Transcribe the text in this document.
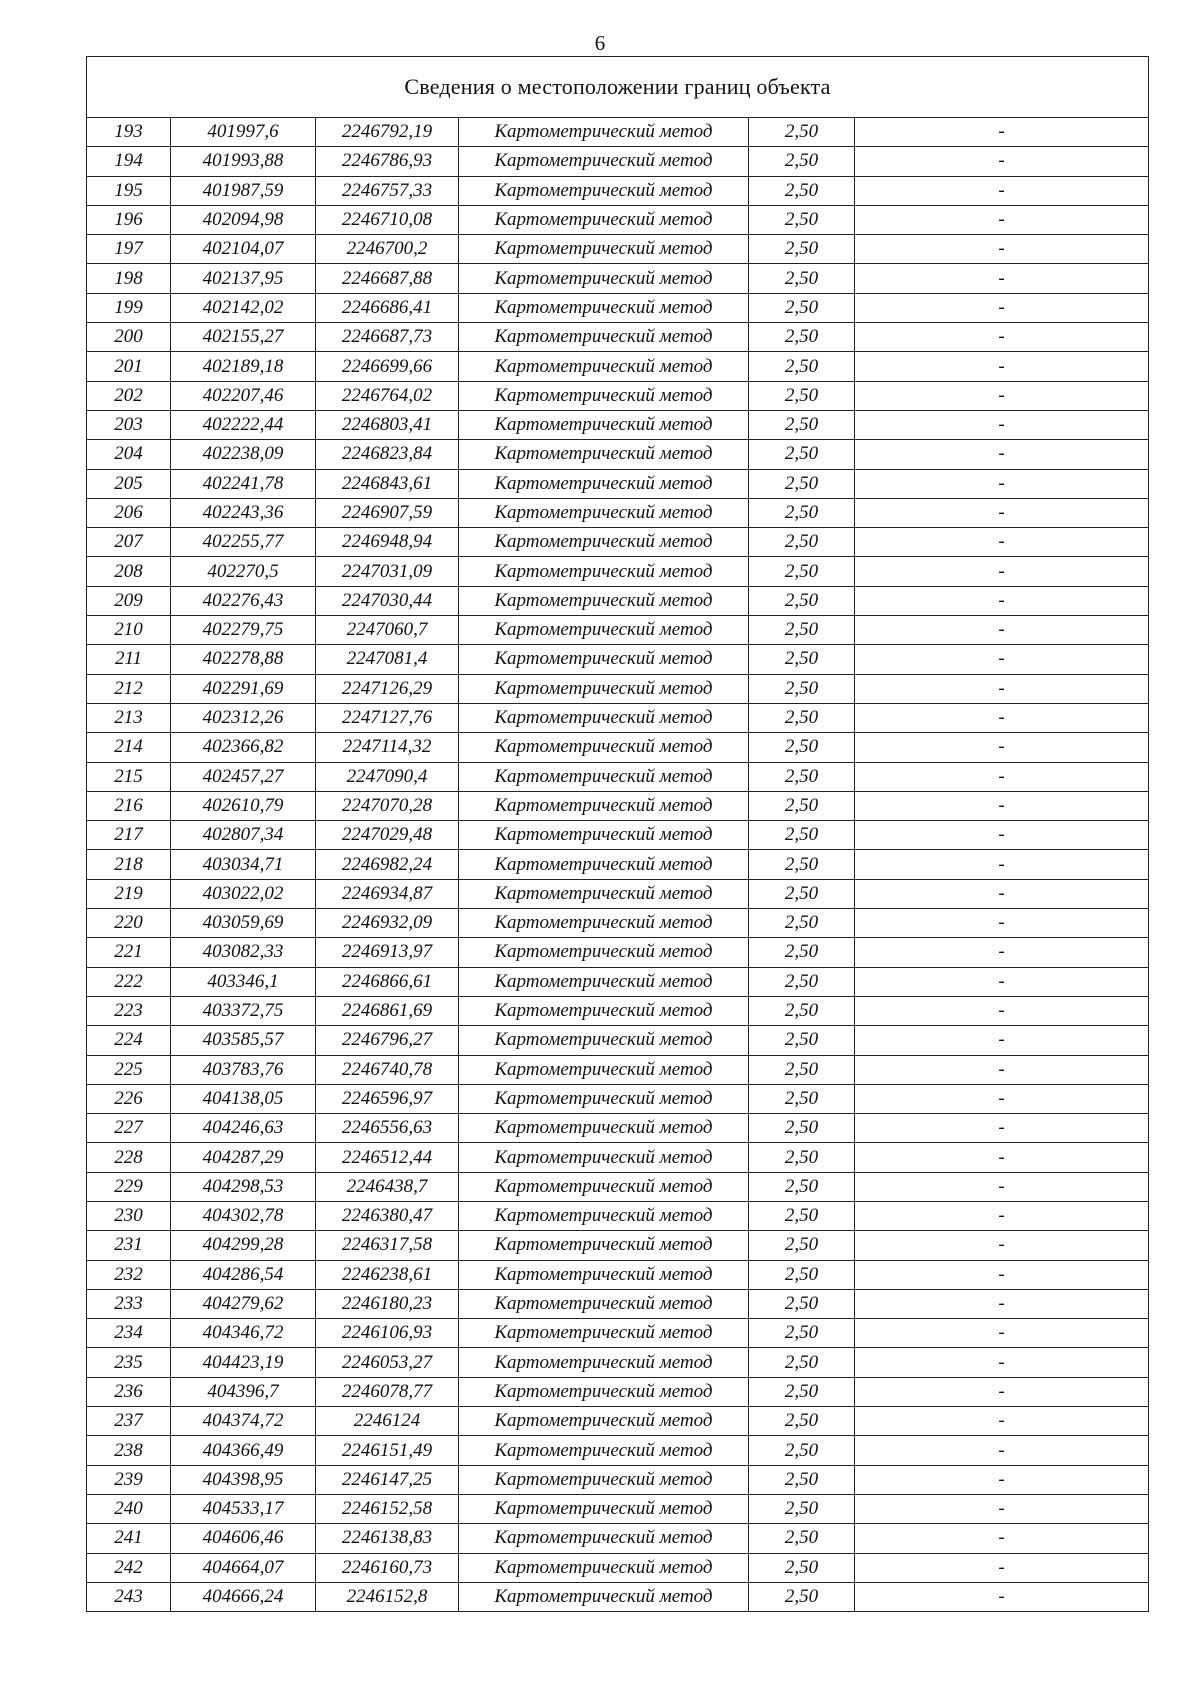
6
Сведения о местоположении границ объекта					
193	401997,6	2246792,19	Картометрический метод	2,50	-
194	401993,88	2246786,93	Картометрический метод	2,50	-
195	401987,59	2246757,33	Картометрический метод	2,50	-
196	402094,98	2246710,08	Картометрический метод	2,50	-
197	402104,07	2246700,2	Картометрический метод	2,50	-
198	402137,95	2246687,88	Картометрический метод	2,50	-
199	402142,02	2246686,41	Картометрический метод	2,50	-
200	402155,27	2246687,73	Картометрический метод	2,50	-
201	402189,18	2246699,66	Картометрический метод	2,50	-
202	402207,46	2246764,02	Картометрический метод	2,50	-
203	402222,44	2246803,41	Картометрический метод	2,50	-
204	402238,09	2246823,84	Картометрический метод	2,50	-
205	402241,78	2246843,61	Картометрический метод	2,50	-
206	402243,36	2246907,59	Картометрический метод	2,50	-
207	402255,77	2246948,94	Картометрический метод	2,50	-
208	402270,5	2247031,09	Картометрический метод	2,50	-
209	402276,43	2247030,44	Картометрический метод	2,50	-
210	402279,75	2247060,7	Картометрический метод	2,50	-
211	402278,88	2247081,4	Картометрический метод	2,50	-
212	402291,69	2247126,29	Картометрический метод	2,50	-
213	402312,26	2247127,76	Картометрический метод	2,50	-
214	402366,82	2247114,32	Картометрический метод	2,50	-
215	402457,27	2247090,4	Картометрический метод	2,50	-
216	402610,79	2247070,28	Картометрический метод	2,50	-
217	402807,34	2247029,48	Картометрический метод	2,50	-
218	403034,71	2246982,24	Картометрический метод	2,50	-
219	403022,02	2246934,87	Картометрический метод	2,50	-
220	403059,69	2246932,09	Картометрический метод	2,50	-
221	403082,33	2246913,97	Картометрический метод	2,50	-
222	403346,1	2246866,61	Картометрический метод	2,50	-
223	403372,75	2246861,69	Картометрический метод	2,50	-
224	403585,57	2246796,27	Картометрический метод	2,50	-
225	403783,76	2246740,78	Картометрический метод	2,50	-
226	404138,05	2246596,97	Картометрический метод	2,50	-
227	404246,63	2246556,63	Картометрический метод	2,50	-
228	404287,29	2246512,44	Картометрический метод	2,50	-
229	404298,53	2246438,7	Картометрический метод	2,50	-
230	404302,78	2246380,47	Картометрический метод	2,50	-
231	404299,28	2246317,58	Картометрический метод	2,50	-
232	404286,54	2246238,61	Картометрический метод	2,50	-
233	404279,62	2246180,23	Картометрический метод	2,50	-
234	404346,72	2246106,93	Картометрический метод	2,50	-
235	404423,19	2246053,27	Картометрический метод	2,50	-
236	404396,7	2246078,77	Картометрический метод	2,50	-
237	404374,72	2246124	Картометрический метод	2,50	-
238	404366,49	2246151,49	Картометрический метод	2,50	-
239	404398,95	2246147,25	Картометрический метод	2,50	-
240	404533,17	2246152,58	Картометрический метод	2,50	-
241	404606,46	2246138,83	Картометрический метод	2,50	-
242	404664,07	2246160,73	Картометрический метод	2,50	-
243	404666,24	2246152,8	Картометрический метод	2,50	-
